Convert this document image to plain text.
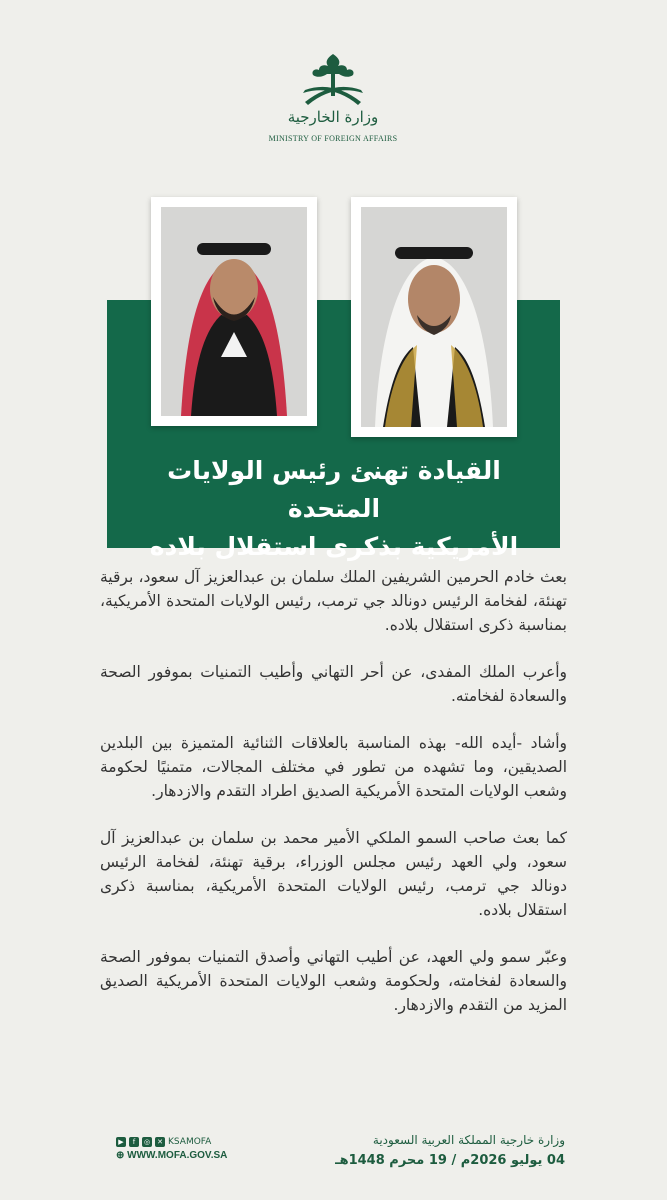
وزارة الخارجية
MINISTRY OF FOREIGN AFFAIRS
القيادة تهنئ رئيس الولايات المتحدة
الأمريكية بذكرى استقلال بلاده

بعث خادم الحرمين الشريفين الملك سلمان بن عبدالعزيز آل سعود، برقية تهنئة، لفخامة الرئيس دونالد جي ترمب، رئيس الولايات المتحدة الأمريكية، بمناسبة ذكرى استقلال بلاده.

وأعرب الملك المفدى، عن أحر التهاني وأطيب التمنيات بموفور الصحة والسعادة لفخامته.

وأشاد -أيده الله- بهذه المناسبة بالعلاقات الثنائية المتميزة بين البلدين الصديقين، وما تشهده من تطور في مختلف المجالات، متمنيًا لحكومة وشعب الولايات المتحدة الأمريكية الصديق اطراد التقدم والازدهار.

كما بعث صاحب السمو الملكي الأمير محمد بن سلمان بن عبدالعزيز آل سعود، ولي العهد رئيس مجلس الوزراء، برقية تهنئة، لفخامة الرئيس دونالد جي ترمب، رئيس الولايات المتحدة الأمريكية، بمناسبة ذكرى استقلال بلاده.

وعبّر سمو ولي العهد، عن أطيب التهاني وأصدق التمنيات بموفور الصحة والسعادة لفخامته، ولحكومة وشعب الولايات المتحدة الأمريكية الصديق المزيد من التقدم والازدهار.

▶	f	◎ ✕ KSAMOFA
⊕ WWW.MOFA.GOV.SA
وزارة خارجية المملكة العربية السعودية
04 يوليو 2026م / 19 محرم 1448هـ
